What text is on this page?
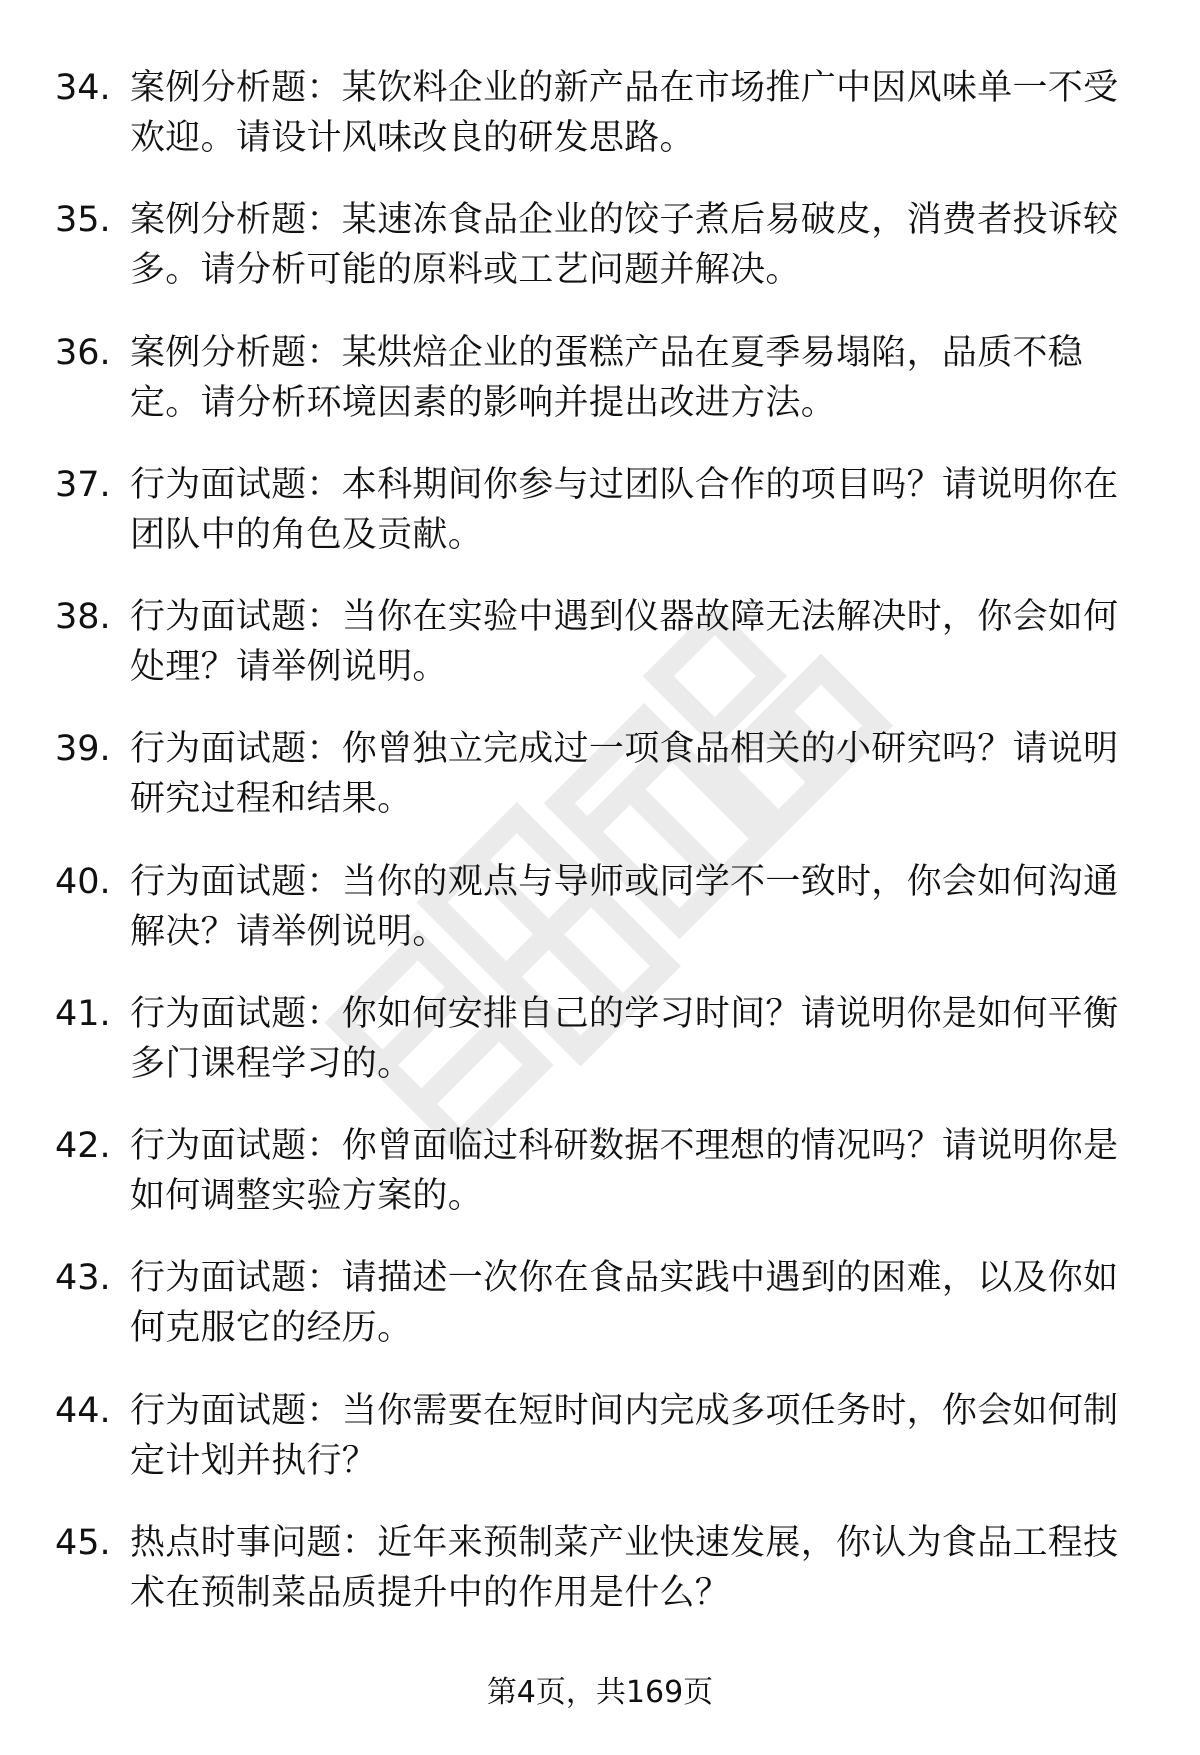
34. 案例分析题：某饮料企业的新产品在市场推广中因风味单一不受欢迎。请设计风味改良的研发思路。
35. 案例分析题：某速冻食品企业的饺子煮后易破皮，消费者投诉较多。请分析可能的原料或工艺问题并解决。
36. 案例分析题：某烘焙企业的蛋糕产品在夏季易塌陷，品质不稳定。请分析环境因素的影响并提出改进方法。
37. 行为面试题：本科期间你参与过团队合作的项目吗？请说明你在团队中的角色及贡献。
38. 行为面试题：当你在实验中遇到仪器故障无法解决时，你会如何处理？请举例说明。
39. 行为面试题：你曾独立完成过一项食品相关的小研究吗？请说明研究过程和结果。
40. 行为面试题：当你的观点与导师或同学不一致时，你会如何沟通解决？请举例说明。
41. 行为面试题：你如何安排自己的学习时间？请说明你是如何平衡多门课程学习的。
42. 行为面试题：你曾面临过科研数据不理想的情况吗？请说明你是如何调整实验方案的。
43. 行为面试题：请描述一次你在食品实践中遇到的困难，以及你如何克服它的经历。
44. 行为面试题：当你需要在短时间内完成多项任务时，你会如何制定计划并执行？
45. 热点时事问题：近年来预制菜产业快速发展，你认为食品工程技术在预制菜品质提升中的作用是什么？
第4页，共169页
